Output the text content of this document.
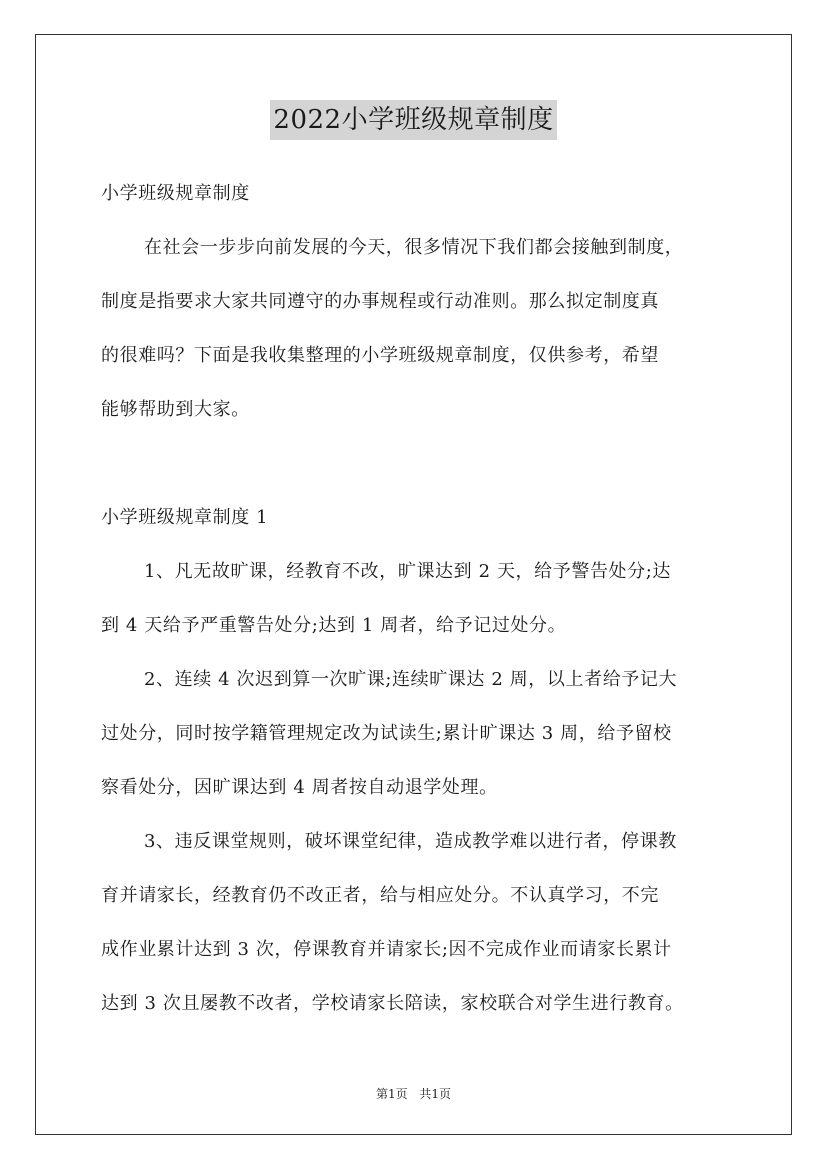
2022小学班级规章制度
小学班级规章制度
在社会一步步向前发展的今天，很多情况下我们都会接触到制度，
制度是指要求大家共同遵守的办事规程或行动准则。那么拟定制度真
的很难吗？下面是我收集整理的小学班级规章制度，仅供参考，希望
能够帮助到大家。
小学班级规章制度 1
1、凡无故旷课，经教育不改，旷课达到 2 天，给予警告处分;达
到 4 天给予严重警告处分;达到 1 周者，给予记过处分。
2、连续 4 次迟到算一次旷课;连续旷课达 2 周，以上者给予记大
过处分，同时按学籍管理规定改为试读生;累计旷课达 3 周，给予留校
察看处分，因旷课达到 4 周者按自动退学处理。
3、违反课堂规则，破坏课堂纪律，造成教学难以进行者，停课教
育并请家长，经教育仍不改正者，给与相应处分。不认真学习，不完
成作业累计达到 3 次，停课教育并请家长;因不完成作业而请家长累计
达到 3 次且屡教不改者，学校请家长陪读，家校联合对学生进行教育。
第1页 共1页
